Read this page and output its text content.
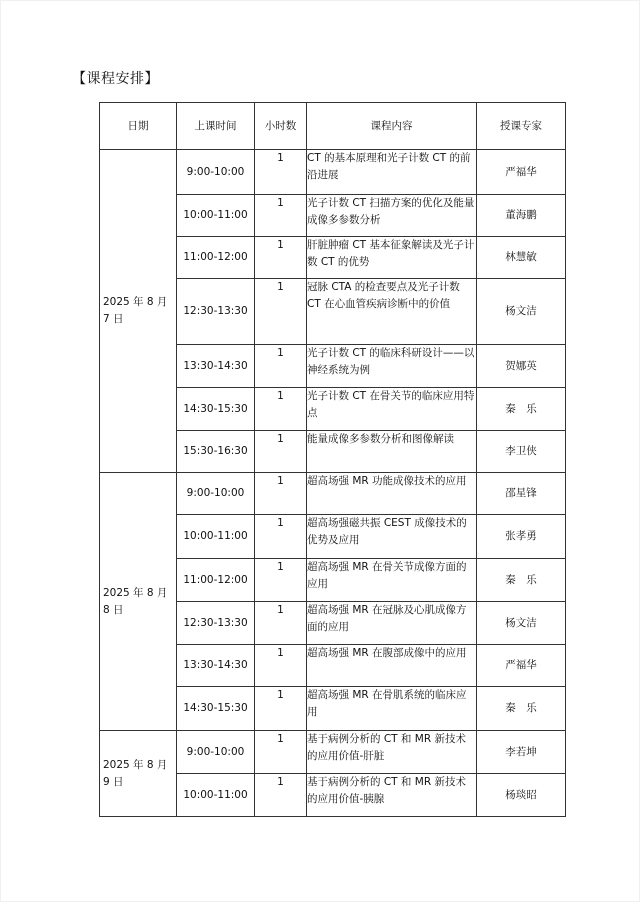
【课程安排】
日期	上课时间	小时数	课程内容	授课专家
2025 年 8 月 7 日	9:00-10:00	1	CT 的基本原理和光子计数 CT 的前沿进展	严福华
	10:00-11:00	1	光子计数 CT 扫描方案的优化及能量成像多参数分析	董海鹏
	11:00-12:00	1	肝脏肿瘤 CT 基本征象解读及光子计数 CT 的优势	林慧敏
	12:30-13:30	1	冠脉 CTA 的检查要点及光子计数 CT 在心血管疾病诊断中的价值	杨文洁
	13:30-14:30	1	光子计数 CT 的临床科研设计——以神经系统为例	贺娜英
	14:30-15:30	1	光子计数 CT 在骨关节的临床应用特点	秦　乐
	15:30-16:30	1	能量成像多参数分析和图像解读	李卫侠
2025 年 8 月 8 日	9:00-10:00	1	超高场强 MR 功能成像技术的应用	邵星锋
	10:00-11:00	1	超高场强磁共振 CEST 成像技术的优势及应用	张孝勇
	11:00-12:00	1	超高场强 MR 在骨关节成像方面的应用	秦　乐
	12:30-13:30	1	超高场强 MR 在冠脉及心肌成像方面的应用	杨文洁
	13:30-14:30	1	超高场强 MR 在腹部成像中的应用	严福华
	14:30-15:30	1	超高场强 MR 在骨肌系统的临床应用	秦　乐
2025 年 8 月 9 日	9:00-10:00	1	基于病例分析的 CT 和 MR 新技术的应用价值-肝脏	李若坤
	10:00-11:00	1	基于病例分析的 CT 和 MR 新技术的应用价值-胰腺	杨琰昭
